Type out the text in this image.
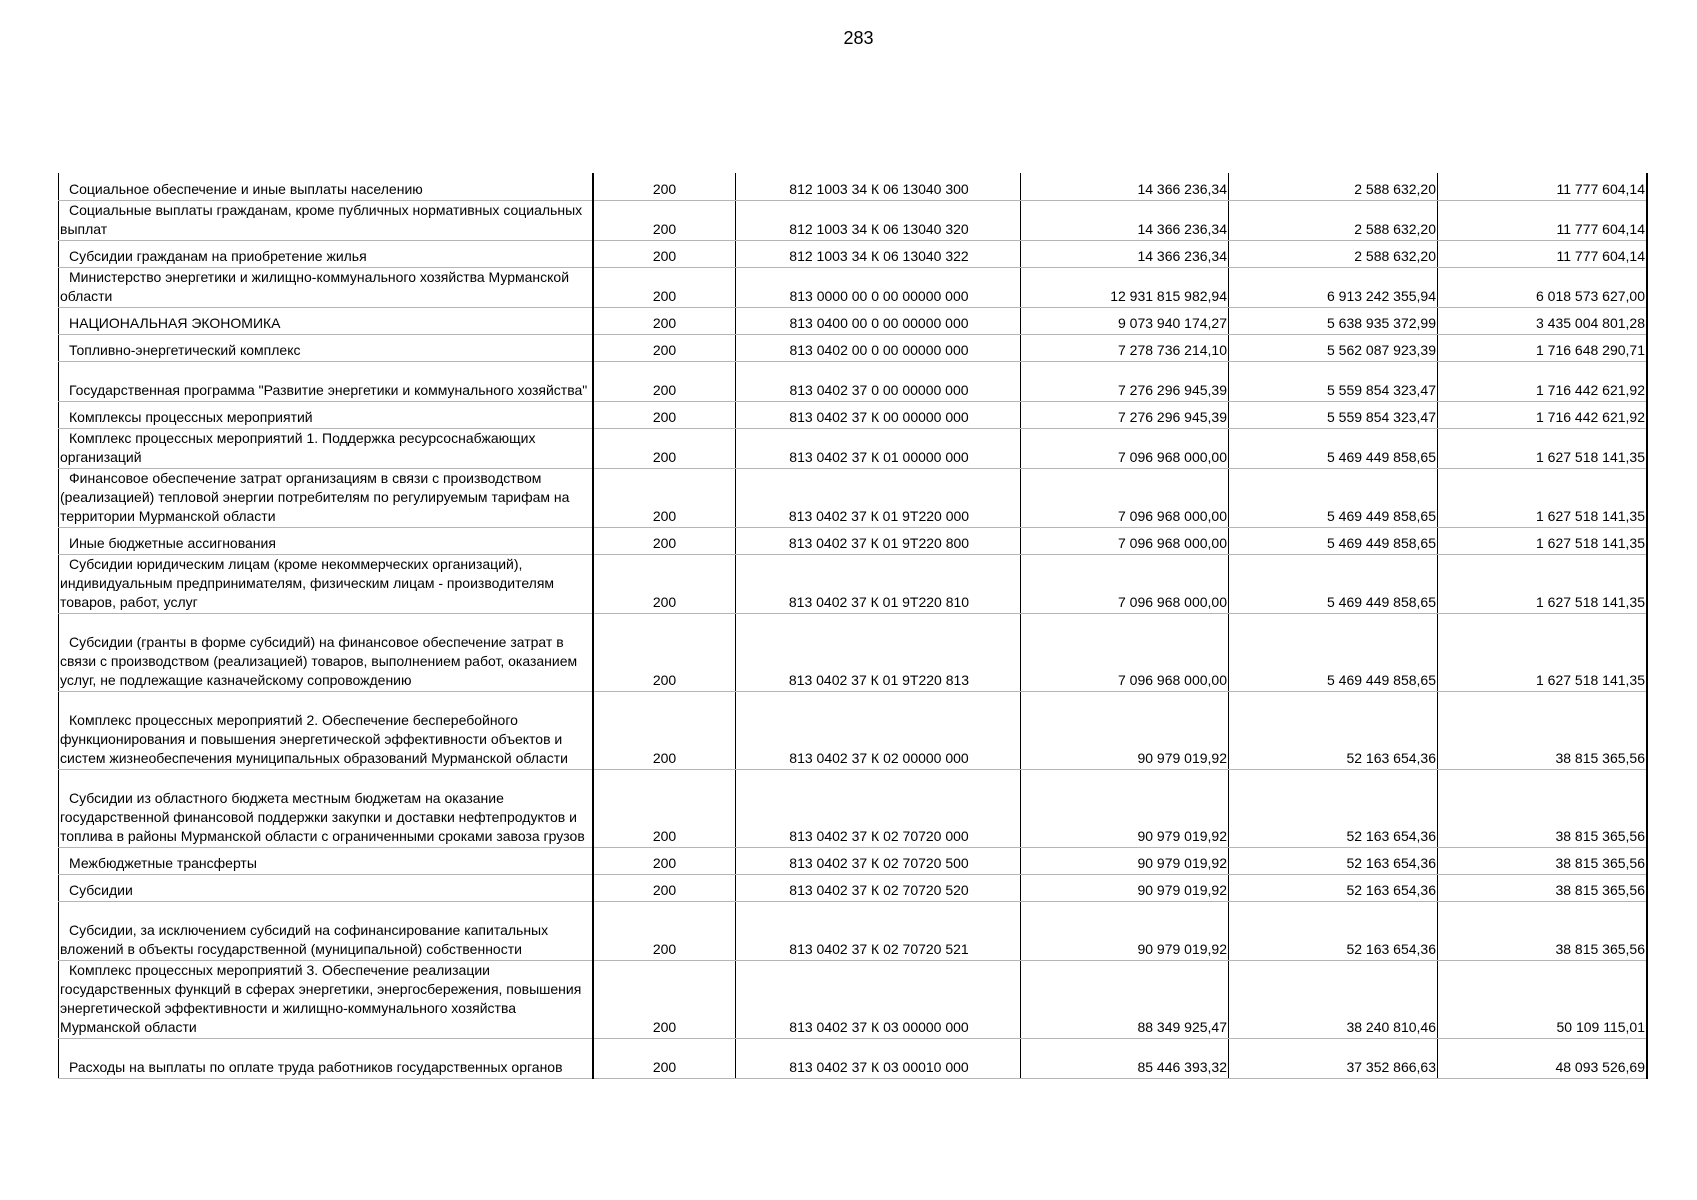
283
Социальное обеспечение и иные выплаты населению	200	812 1003 34 К 06 13040 300	14 366 236,34	2 588 632,20	11 777 604,14
Социальные выплаты гражданам, кроме публичных нормативных социальных выплат	200	812 1003 34 К 06 13040 320	14 366 236,34	2 588 632,20	11 777 604,14
Субсидии гражданам на приобретение жилья	200	812 1003 34 К 06 13040 322	14 366 236,34	2 588 632,20	11 777 604,14
Министерство энергетики и жилищно-коммунального хозяйства Мурманской области	200	813 0000 00 0 00 00000 000	12 931 815 982,94	6 913 242 355,94	6 018 573 627,00
НАЦИОНАЛЬНАЯ ЭКОНОМИКА	200	813 0400 00 0 00 00000 000	9 073 940 174,27	5 638 935 372,99	3 435 004 801,28
Топливно-энергетический комплекс	200	813 0402 00 0 00 00000 000	7 278 736 214,10	5 562 087 923,39	1 716 648 290,71
Государственная программа "Развитие энергетики и коммунального хозяйства"	200	813 0402 37 0 00 00000 000	7 276 296 945,39	5 559 854 323,47	1 716 442 621,92
Комплексы процессных мероприятий	200	813 0402 37 К 00 00000 000	7 276 296 945,39	5 559 854 323,47	1 716 442 621,92
Комплекс процессных мероприятий 1. Поддержка ресурсоснабжающих организаций	200	813 0402 37 К 01 00000 000	7 096 968 000,00	5 469 449 858,65	1 627 518 141,35
Финансовое обеспечение затрат организациям в связи с производством (реализацией) тепловой энергии потребителям по регулируемым тарифам на территории Мурманской области	200	813 0402 37 К 01 9Т220 000	7 096 968 000,00	5 469 449 858,65	1 627 518 141,35
Иные бюджетные ассигнования	200	813 0402 37 К 01 9Т220 800	7 096 968 000,00	5 469 449 858,65	1 627 518 141,35
Субсидии юридическим лицам (кроме некоммерческих организаций), индивидуальным предпринимателям, физическим лицам - производителям товаров, работ, услуг	200	813 0402 37 К 01 9Т220 810	7 096 968 000,00	5 469 449 858,65	1 627 518 141,35
Субсидии (гранты в форме субсидий) на финансовое обеспечение затрат в связи с производством (реализацией) товаров, выполнением работ, оказанием услуг, не подлежащие казначейскому сопровождению	200	813 0402 37 К 01 9Т220 813	7 096 968 000,00	5 469 449 858,65	1 627 518 141,35
Комплекс процессных мероприятий 2. Обеспечение бесперебойного функционирования и повышения энергетической эффективности объектов и систем жизнеобеспечения муниципальных образований Мурманской области	200	813 0402 37 К 02 00000 000	90 979 019,92	52 163 654,36	38 815 365,56
Субсидии из областного бюджета местным бюджетам на оказание государственной финансовой поддержки закупки и доставки нефтепродуктов и топлива в районы Мурманской области с ограниченными сроками завоза грузов	200	813 0402 37 К 02 70720 000	90 979 019,92	52 163 654,36	38 815 365,56
Межбюджетные трансферты	200	813 0402 37 К 02 70720 500	90 979 019,92	52 163 654,36	38 815 365,56
Субсидии	200	813 0402 37 К 02 70720 520	90 979 019,92	52 163 654,36	38 815 365,56
Субсидии, за исключением субсидий на софинансирование капитальных вложений в объекты государственной (муниципальной) собственности	200	813 0402 37 К 02 70720 521	90 979 019,92	52 163 654,36	38 815 365,56
Комплекс процессных мероприятий 3. Обеспечение реализации государственных функций в сферах энергетики, энергосбережения, повышения энергетической эффективности и жилищно-коммунального хозяйства Мурманской области	200	813 0402 37 К 03 00000 000	88 349 925,47	38 240 810,46	50 109 115,01
Расходы на выплаты по оплате труда работников государственных органов	200	813 0402 37 К 03 00010 000	85 446 393,32	37 352 866,63	48 093 526,69
